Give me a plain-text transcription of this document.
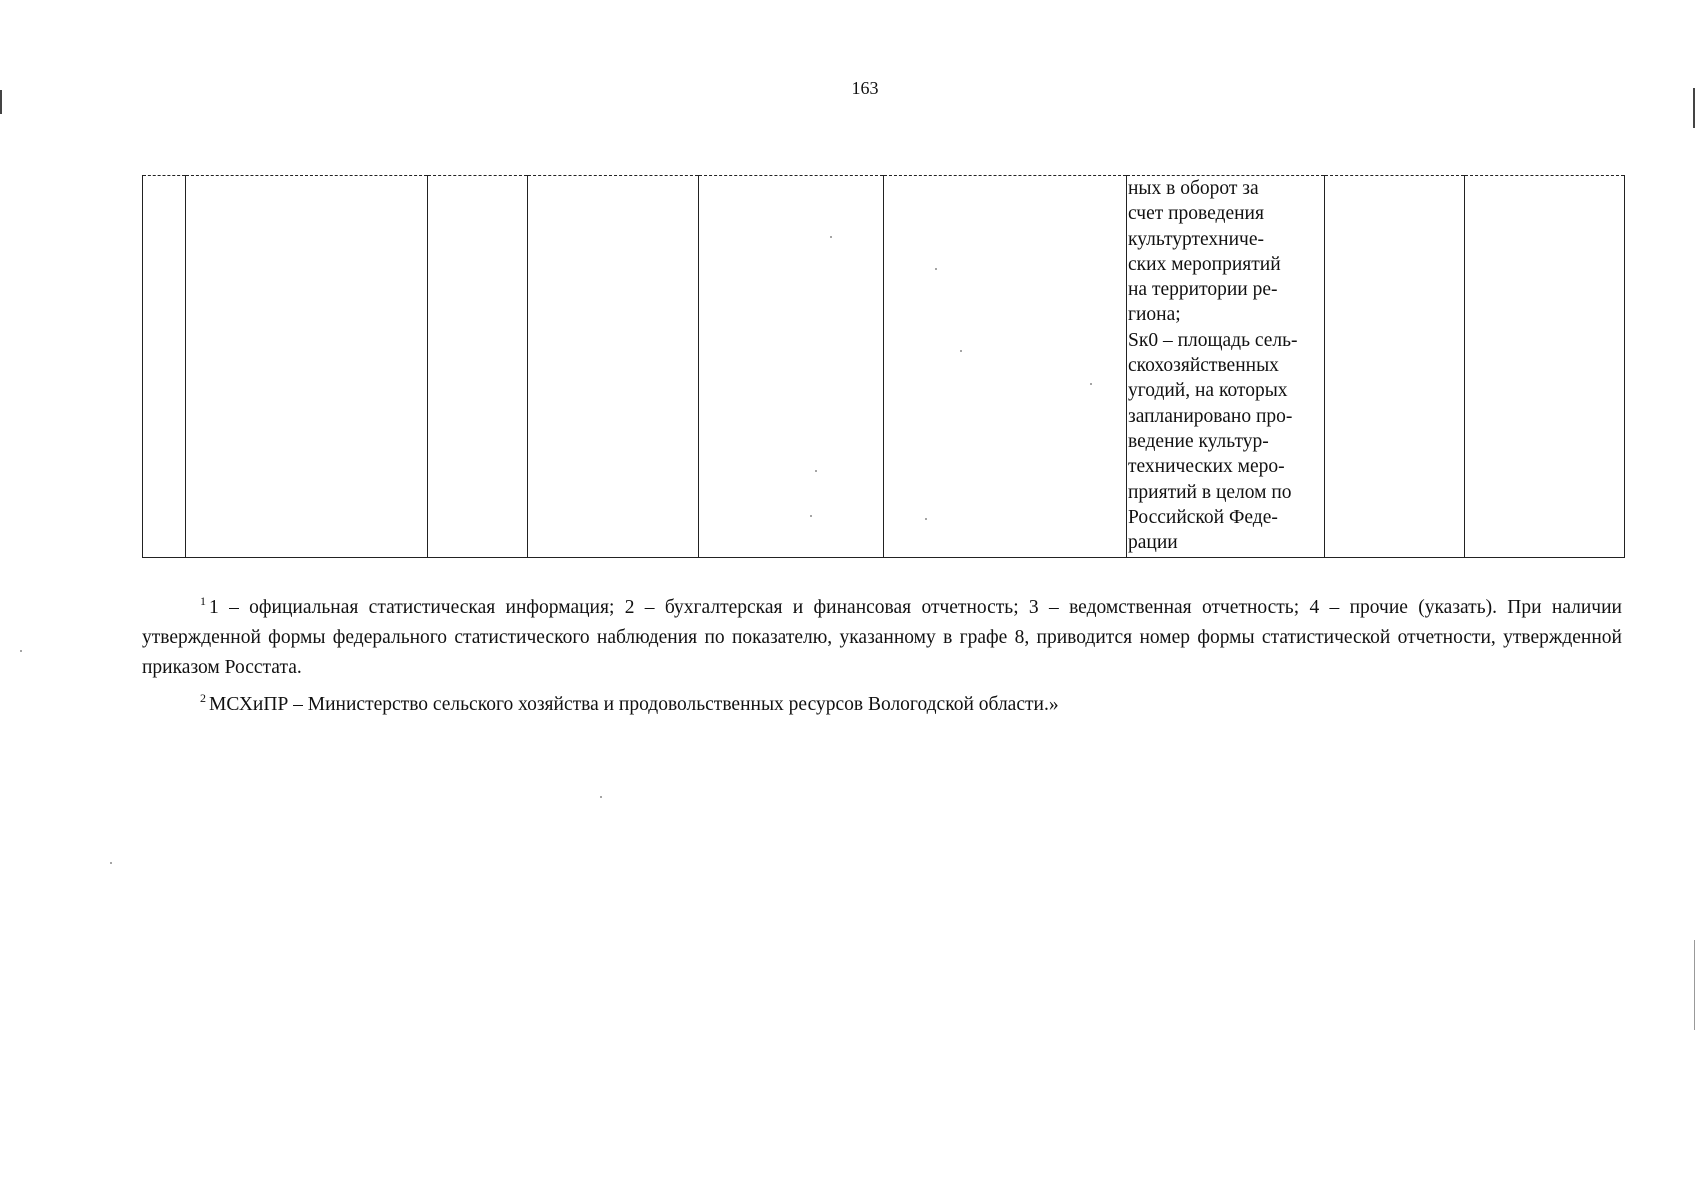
163
						ных в оборот за
счет проведения
культуртехниче-
ских мероприятий
на территории ре-
гиона;
Sк0 – площадь сель-
скохозяйственных
угодий, на которых
запланировано про-
ведение культур-
технических меро-
приятий в целом по
Российской Феде-
рации		

$^1$ 1 – официальная статистическая информация; 2 – бухгалтерская и финансовая отчетность; 3 – ведомственная отчетность; 4 – прочие (указать). При наличии утвержденной формы федерального статистического наблюдения по показателю, указанному в графе 8, приводится номер формы статистической отчетности, утвержденной приказом Росстата.

$^2$ МСХиПР – Министерство сельского хозяйства и продовольственных ресурсов Вологодской области.»
